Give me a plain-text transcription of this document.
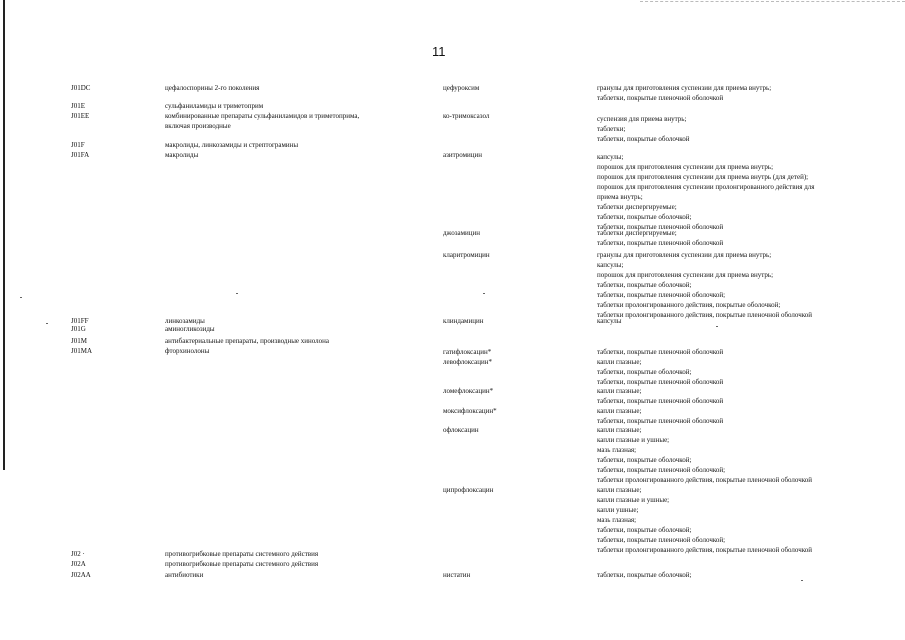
11
J01DC	цефалоспорины 2-го поколения	цефуроксим	гранулы для приготовления суспензии для приема внутрь;
таблетки, покрытые пленочной оболочкой
J01E	сульфаниламиды и триметоприм
J01EE	комбинированные препараты сульфаниламидов и триметоприма,
включая производные
ко-тримоксазол	суспензия для приема внутрь;
таблетки;
таблетки, покрытые оболочкой
J01F	макролиды, линкозамиды и стрептограмины
J01FA	макролиды	азитромицин	капсулы;
порошок для приготовления суспензии для приема внутрь;
порошок для приготовления суспензии для приема внутрь (для детей);
порошок для приготовления суспензии пролонгированного действия для
приема внутрь;
таблетки диспергируемые;
таблетки, покрытые оболочкой;
таблетки, покрытые пленочной оболочкой
джозамицин	таблетки диспергируемые;
таблетки, покрытые пленочной оболочкой
кларитромицин	гранулы для приготовления суспензии для приема внутрь;
капсулы;
порошок для приготовления суспензии для приема внутрь;
таблетки, покрытые оболочкой;
таблетки, покрытые пленочной оболочкой;
таблетки пролонгированного действия, покрытые оболочкой;
таблетки пролонгированного действия, покрытые пленочной оболочкой
J01FF	линкозамиды	клиндамицин	капсулы
J01G	аминогликозиды
J01M	антибактериальные препараты, производные хинолона
J01MA	фторхинолоны	гатифлоксацин*	таблетки, покрытые пленочной оболочкой
левофлоксацин*	капли глазные;
таблетки, покрытые оболочкой;
таблетки, покрытые пленочной оболочкой
ломефлоксацин*	капли глазные;
таблетки, покрытые пленочной оболочкой
моксифлоксацин*	капли глазные;
таблетки, покрытые пленочной оболочкой
офлоксацин	капли глазные;
капли глазные и ушные;
мазь глазная;
таблетки, покрытые оболочкой;
таблетки, покрытые пленочной оболочкой;
таблетки пролонгированного действия, покрытые пленочной оболочкой
ципрофлоксацин	капли глазные;
капли глазные и ушные;
капли ушные;
мазь глазная;
таблетки, покрытые оболочкой;
таблетки, покрытые пленочной оболочкой;
таблетки пролонгированного действия, покрытые пленочной оболочкой
J02 ·	противогрибковые препараты системного действия
J02A	противогрибковые препараты системного действия
J02AA	антибиотики	нистатин	таблетки, покрытые оболочкой;
